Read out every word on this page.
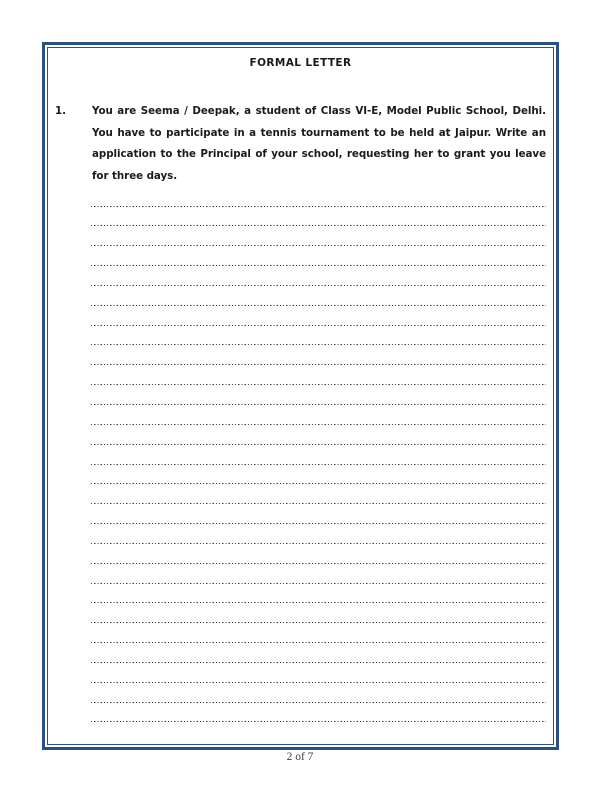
FORMAL LETTER
1.	You are Seema / Deepak, a student of Class VI-E, Model Public School, Delhi. You have to participate in a tennis tournament to be held at Jaipur. Write an application to the Principal of your school, requesting her to grant you leave for three days.
2 of 7
